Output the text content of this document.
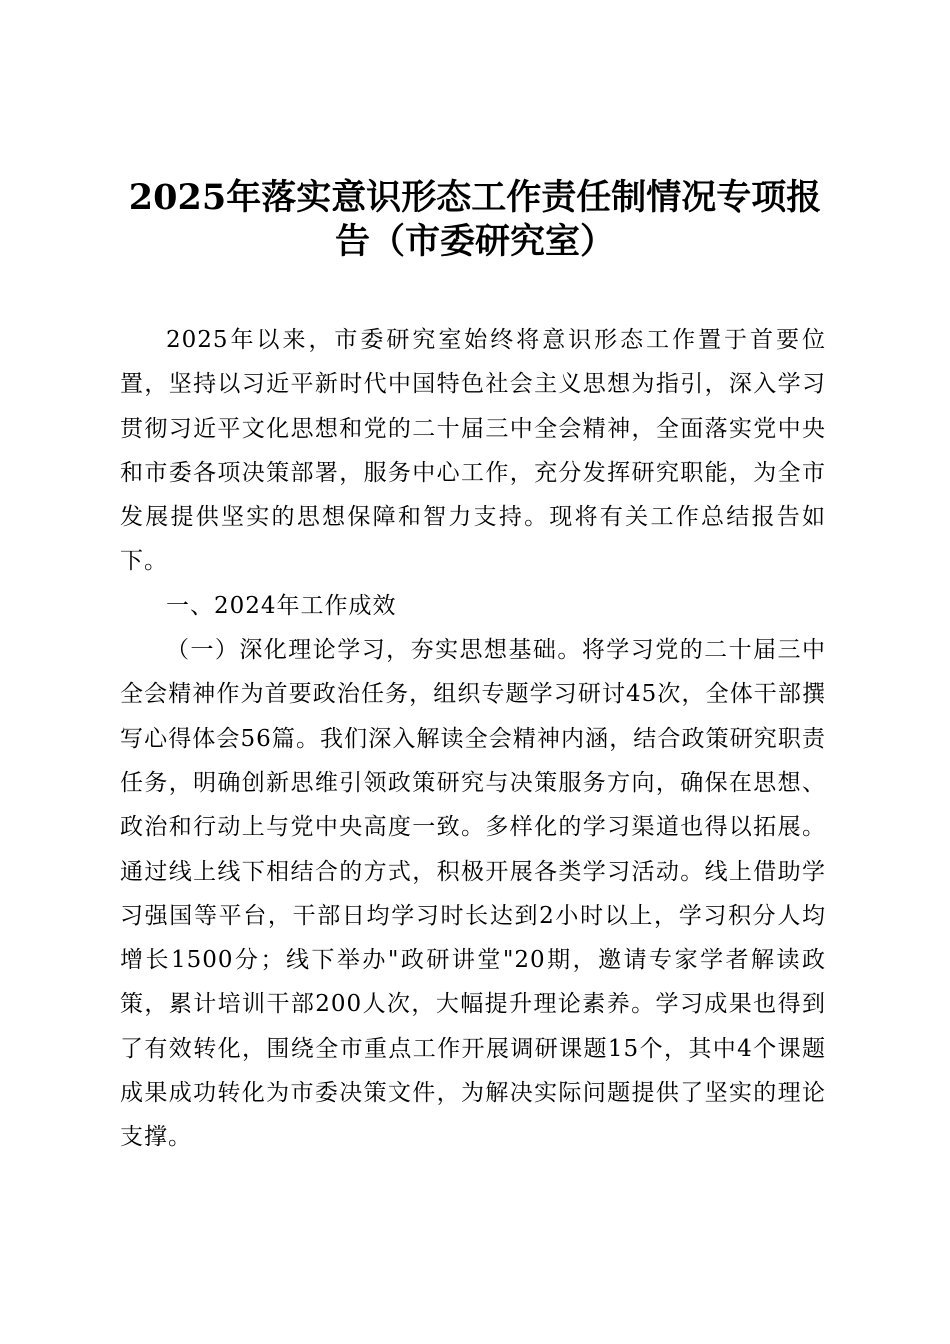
2025年落实意识形态工作责任制情况专项报告（市委研究室）

2025年以来，市委研究室始终将意识形态工作置于首要位置，坚持以习近平新时代中国特色社会主义思想为指引，深入学习贯彻习近平文化思想和党的二十届三中全会精神，全面落实党中央和市委各项决策部署，服务中心工作，充分发挥研究职能，为全市发展提供坚实的思想保障和智力支持。现将有关工作总结报告如下。

一、2024年工作成效

（一）深化理论学习，夯实思想基础。将学习党的二十届三中全会精神作为首要政治任务，组织专题学习研讨45次，全体干部撰写心得体会56篇。我们深入解读全会精神内涵，结合政策研究职责任务，明确创新思维引领政策研究与决策服务方向，确保在思想、政治和行动上与党中央高度一致。多样化的学习渠道也得以拓展。通过线上线下相结合的方式，积极开展各类学习活动。线上借助学习强国等平台，干部日均学习时长达到2小时以上，学习积分人均增长1500分；线下举办"政研讲堂"20期，邀请专家学者解读政策，累计培训干部200人次，大幅提升理论素养。学习成果也得到了有效转化，围绕全市重点工作开展调研课题15个，其中4个课题成果成功转化为市委决策文件，为解决实际问题提供了坚实的理论支撑。
